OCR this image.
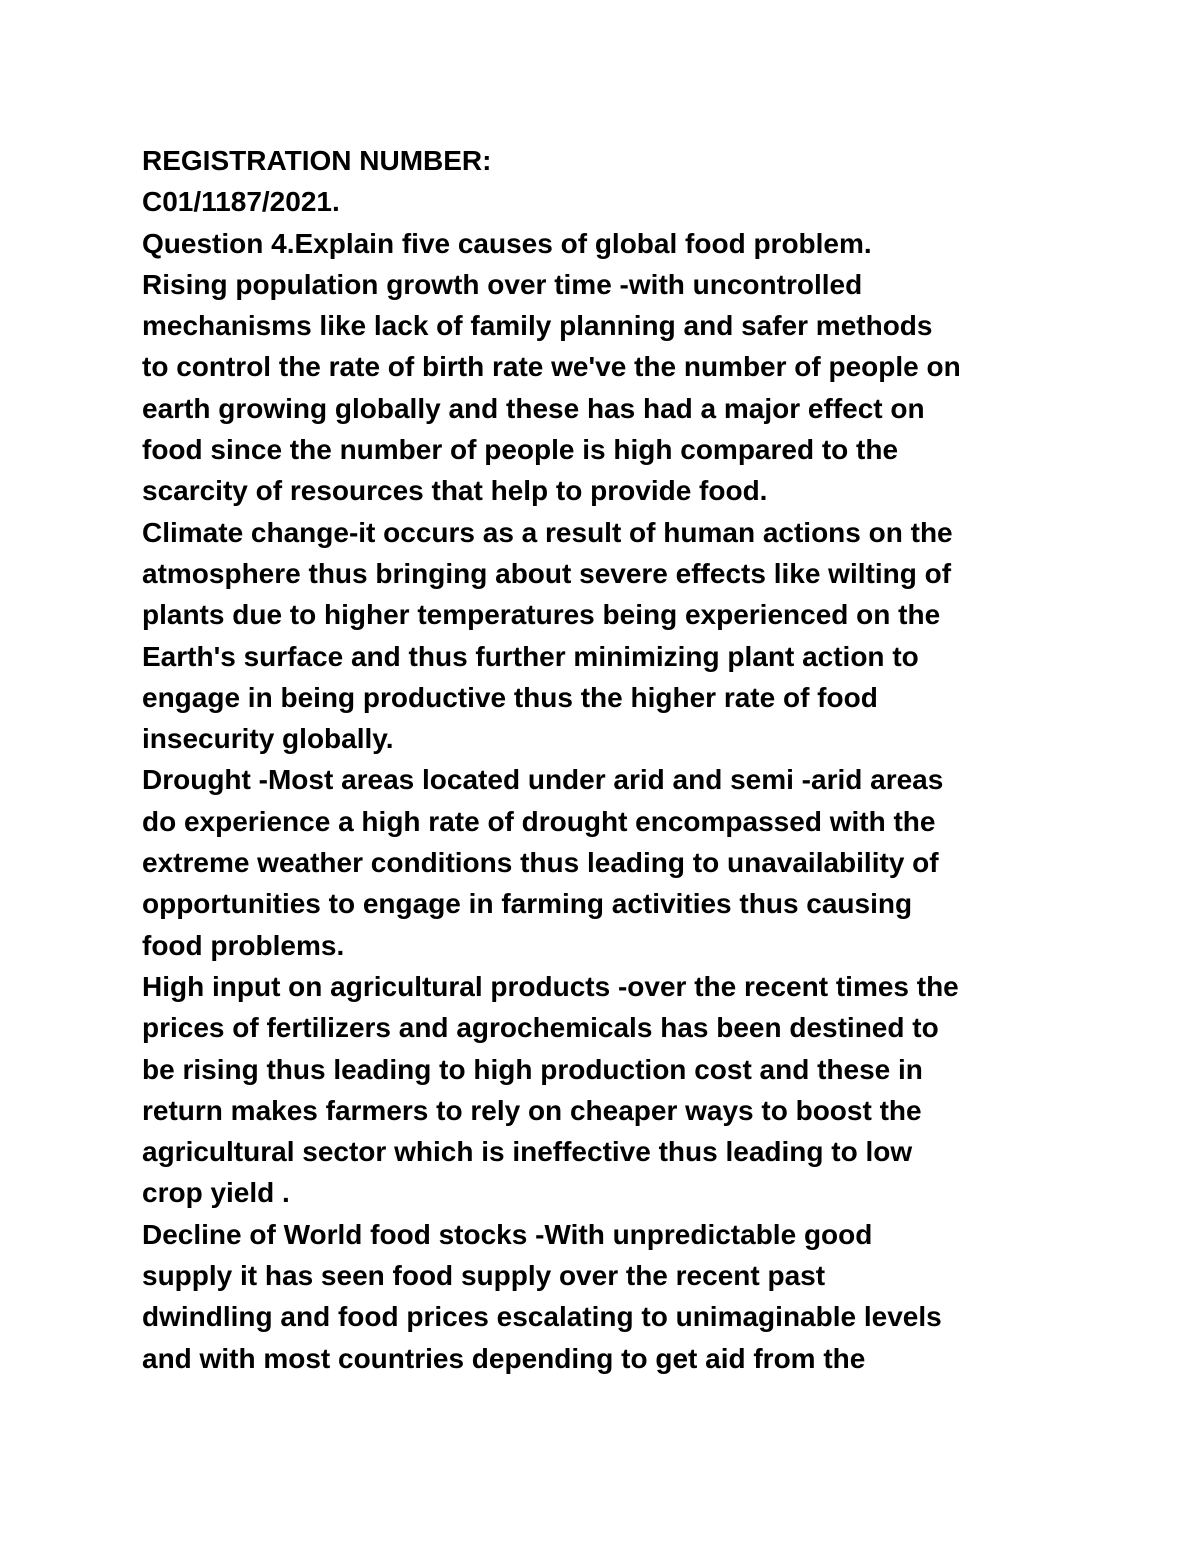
REGISTRATION NUMBER:
C01/1187/2021.
Question 4.Explain five causes of global food problem.
Rising population growth over time -with uncontrolled
mechanisms like lack of family planning and safer methods
to control the rate of birth rate we've the number of people on
earth growing globally and these has had a major effect on
food since the number of people is high compared to the
scarcity of resources that help to provide food.
Climate change-it occurs as a result of human actions on the
atmosphere thus bringing about severe effects like wilting of
plants due to higher temperatures being experienced on the
Earth's surface and thus further minimizing plant action to
engage in being productive thus the higher rate of food
insecurity globally.
Drought -Most areas located under arid and semi -arid areas
do experience a high rate of drought encompassed with the
extreme weather conditions thus leading to unavailability of
opportunities to engage in farming activities thus causing
food problems.
High input on agricultural products -over the recent times the
prices of fertilizers and agrochemicals has been destined to
be rising thus leading to high production cost and these in
return makes farmers to rely on cheaper ways to boost the
agricultural sector which is ineffective thus leading to low
crop yield .
Decline of World food stocks -With unpredictable good
supply it has seen food supply over the recent past
dwindling and food prices escalating to unimaginable levels
and with most countries depending to get aid from the
